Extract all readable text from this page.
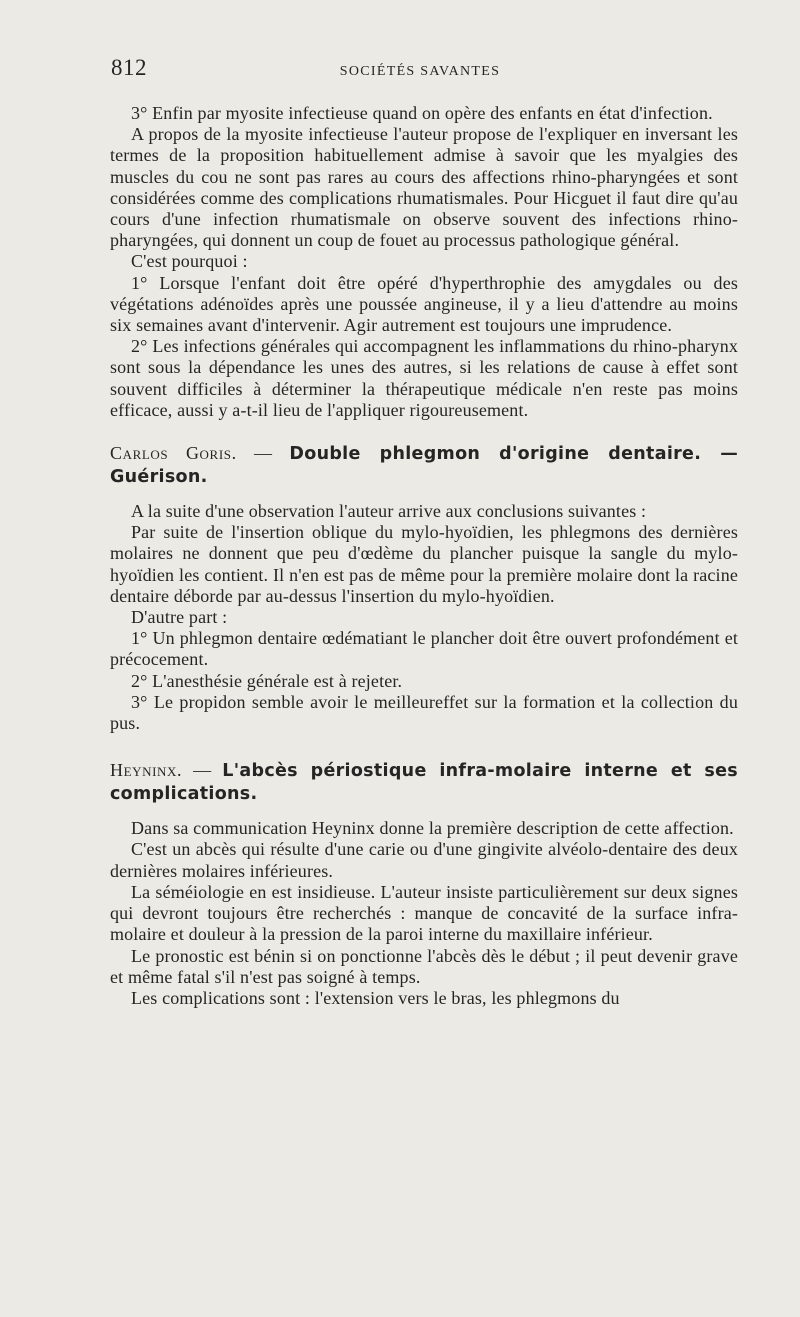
812	SOCIÉTÉS SAVANTES

3° Enfin par myosite infectieuse quand on opère des enfants en état d'infection.

A propos de la myosite infectieuse l'auteur propose de l'expliquer en inversant les termes de la proposition habituellement admise à savoir que les myalgies des muscles du cou ne sont pas rares au cours des affections rhino-pharyngées et sont considérées comme des complications rhumatismales. Pour Hicguet il faut dire qu'au cours d'une infection rhumatismale on observe souvent des infections rhino-pharyngées, qui donnent un coup de fouet au processus pathologique général.

C'est pourquoi :

1° Lorsque l'enfant doit être opéré d'hyperthrophie des amygdales ou des végétations adénoïdes après une poussée angineuse, il y a lieu d'attendre au moins six semaines avant d'intervenir. Agir autrement est toujours une imprudence.

2° Les infections générales qui accompagnent les inflammations du rhino-pharynx sont sous la dépendance les unes des autres, si les relations de cause à effet sont souvent difficiles à déterminer la thérapeutique médicale n'en reste pas moins efficace, aussi y a-t-il lieu de l'appliquer rigoureusement.

Carlos Goris. — Double phlegmon d'origine dentaire. — Guérison.

A la suite d'une observation l'auteur arrive aux conclusions suivantes :

Par suite de l'insertion oblique du mylo-hyoïdien, les phlegmons des dernières molaires ne donnent que peu d'œdème du plancher puisque la sangle du mylo-hyoïdien les contient. Il n'en est pas de même pour la première molaire dont la racine dentaire déborde par au-dessus l'insertion du mylo-hyoïdien.

D'autre part :

1° Un phlegmon dentaire œdématiant le plancher doit être ouvert profondément et précocement.

2° L'anesthésie générale est à rejeter.

3° Le propidon semble avoir le meilleureffet sur la formation et la collection du pus.

Heyninx. — L'abcès périostique infra-molaire interne et ses complications.

Dans sa communication Heyninx donne la première description de cette affection.

C'est un abcès qui résulte d'une carie ou d'une gingivite alvéolo-dentaire des deux dernières molaires inférieures.

La séméiologie en est insidieuse. L'auteur insiste particulièrement sur deux signes qui devront toujours être recherchés : manque de concavité de la surface infra-molaire et douleur à la pression de la paroi interne du maxillaire inférieur.

Le pronostic est bénin si on ponctionne l'abcès dès le début ; il peut devenir grave et même fatal s'il n'est pas soigné à temps.

Les complications sont : l'extension vers le bras, les phlegmons du
